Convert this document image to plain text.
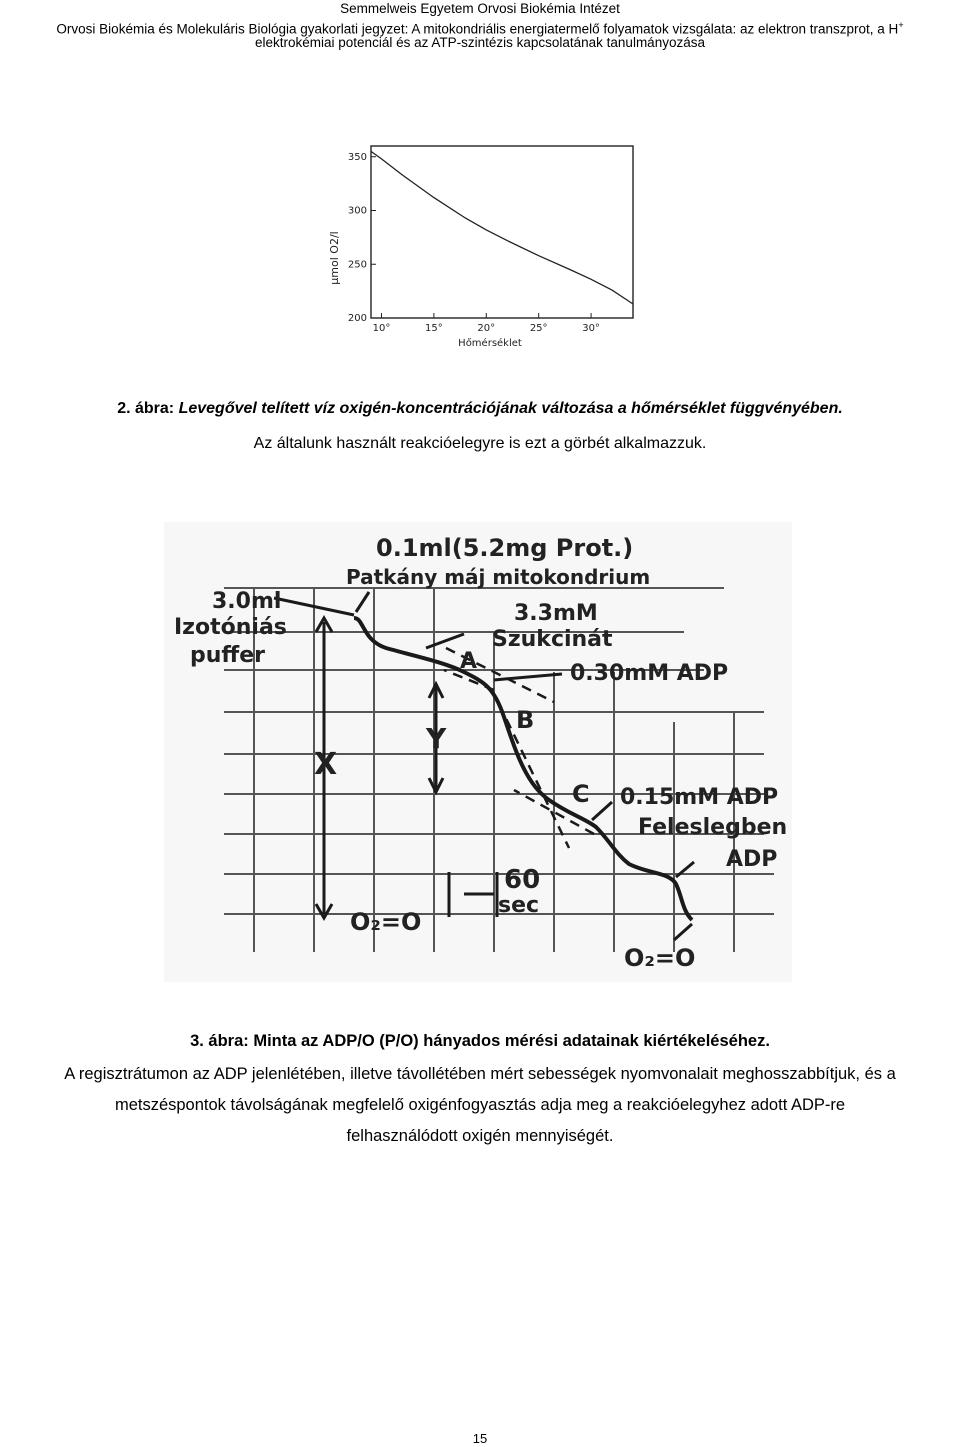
Semmelweis Egyetem Orvosi Biokémia Intézet
Orvosi Biokémia és Molekuláris Biológia gyakorlati jegyzet: A mitokondriális energiatermelő folyamatok vizsgálata: az elektron transzprot, a H+
elektrokémiai potenciál és az ATP-szintézis kapcsolatának tanulmányozása
10°	15°	20°	25°	30°
350
300
250
200
µmol O2/l
Hőmérséklet
2. ábra: Levegővel telített víz oxigén-koncentrációjának változása a hőmérséklet függvényében.
Az általunk használt reakcióelegyre is ezt a görbét alkalmazzuk.
0.1ml(5.2mg Prot.)
Patkány máj mitokondrium
3.0ml
Izotóniás
puffer
3.3mM
Szukcinát
0.30mM ADP
A
B
C
X
Y
0.15mM ADP
Feleslegben
ADP
60
sec
O₂=O
O₂=O
3. ábra: Minta az ADP/O (P/O) hányados mérési adatainak kiértékeléséhez.
A regisztrátumon az ADP jelenlétében, illetve távollétében mért sebességek nyomvonalait meghosszabbítjuk, és a
metszéspontok távolságának megfelelő oxigénfogyasztás adja meg a reakcióelegyhez adott ADP-re
felhasználódott oxigén mennyiségét.
15
